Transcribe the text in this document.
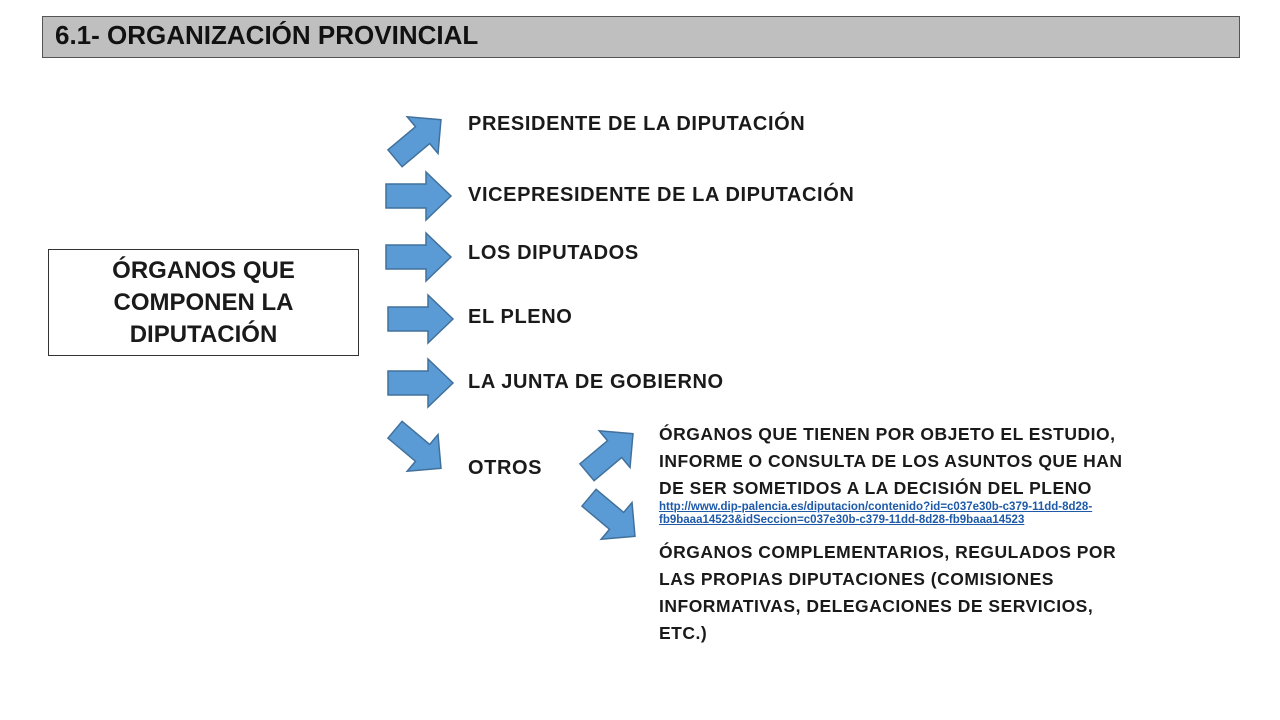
6.1- ORGANIZACIÓN PROVINCIAL
ÓRGANOS QUE
COMPONEN LA
DIPUTACIÓN
PRESIDENTE DE LA DIPUTACIÓN
VICEPRESIDENTE DE LA DIPUTACIÓN
LOS DIPUTADOS
EL PLENO
LA JUNTA DE GOBIERNO
OTROS
ÓRGANOS QUE TIENEN POR OBJETO EL ESTUDIO,
INFORME O CONSULTA DE LOS ASUNTOS QUE HAN
DE SER SOMETIDOS A LA DECISIÓN DEL PLENO
http://www.dip-palencia.es/diputacion/contenido?id=c037e30b-c379-11dd-8d28-
fb9baaa14523&idSeccion=c037e30b-c379-11dd-8d28-fb9baaa14523
ÓRGANOS COMPLEMENTARIOS, REGULADOS POR
LAS PROPIAS DIPUTACIONES (COMISIONES
INFORMATIVAS, DELEGACIONES DE SERVICIOS,
ETC.)
